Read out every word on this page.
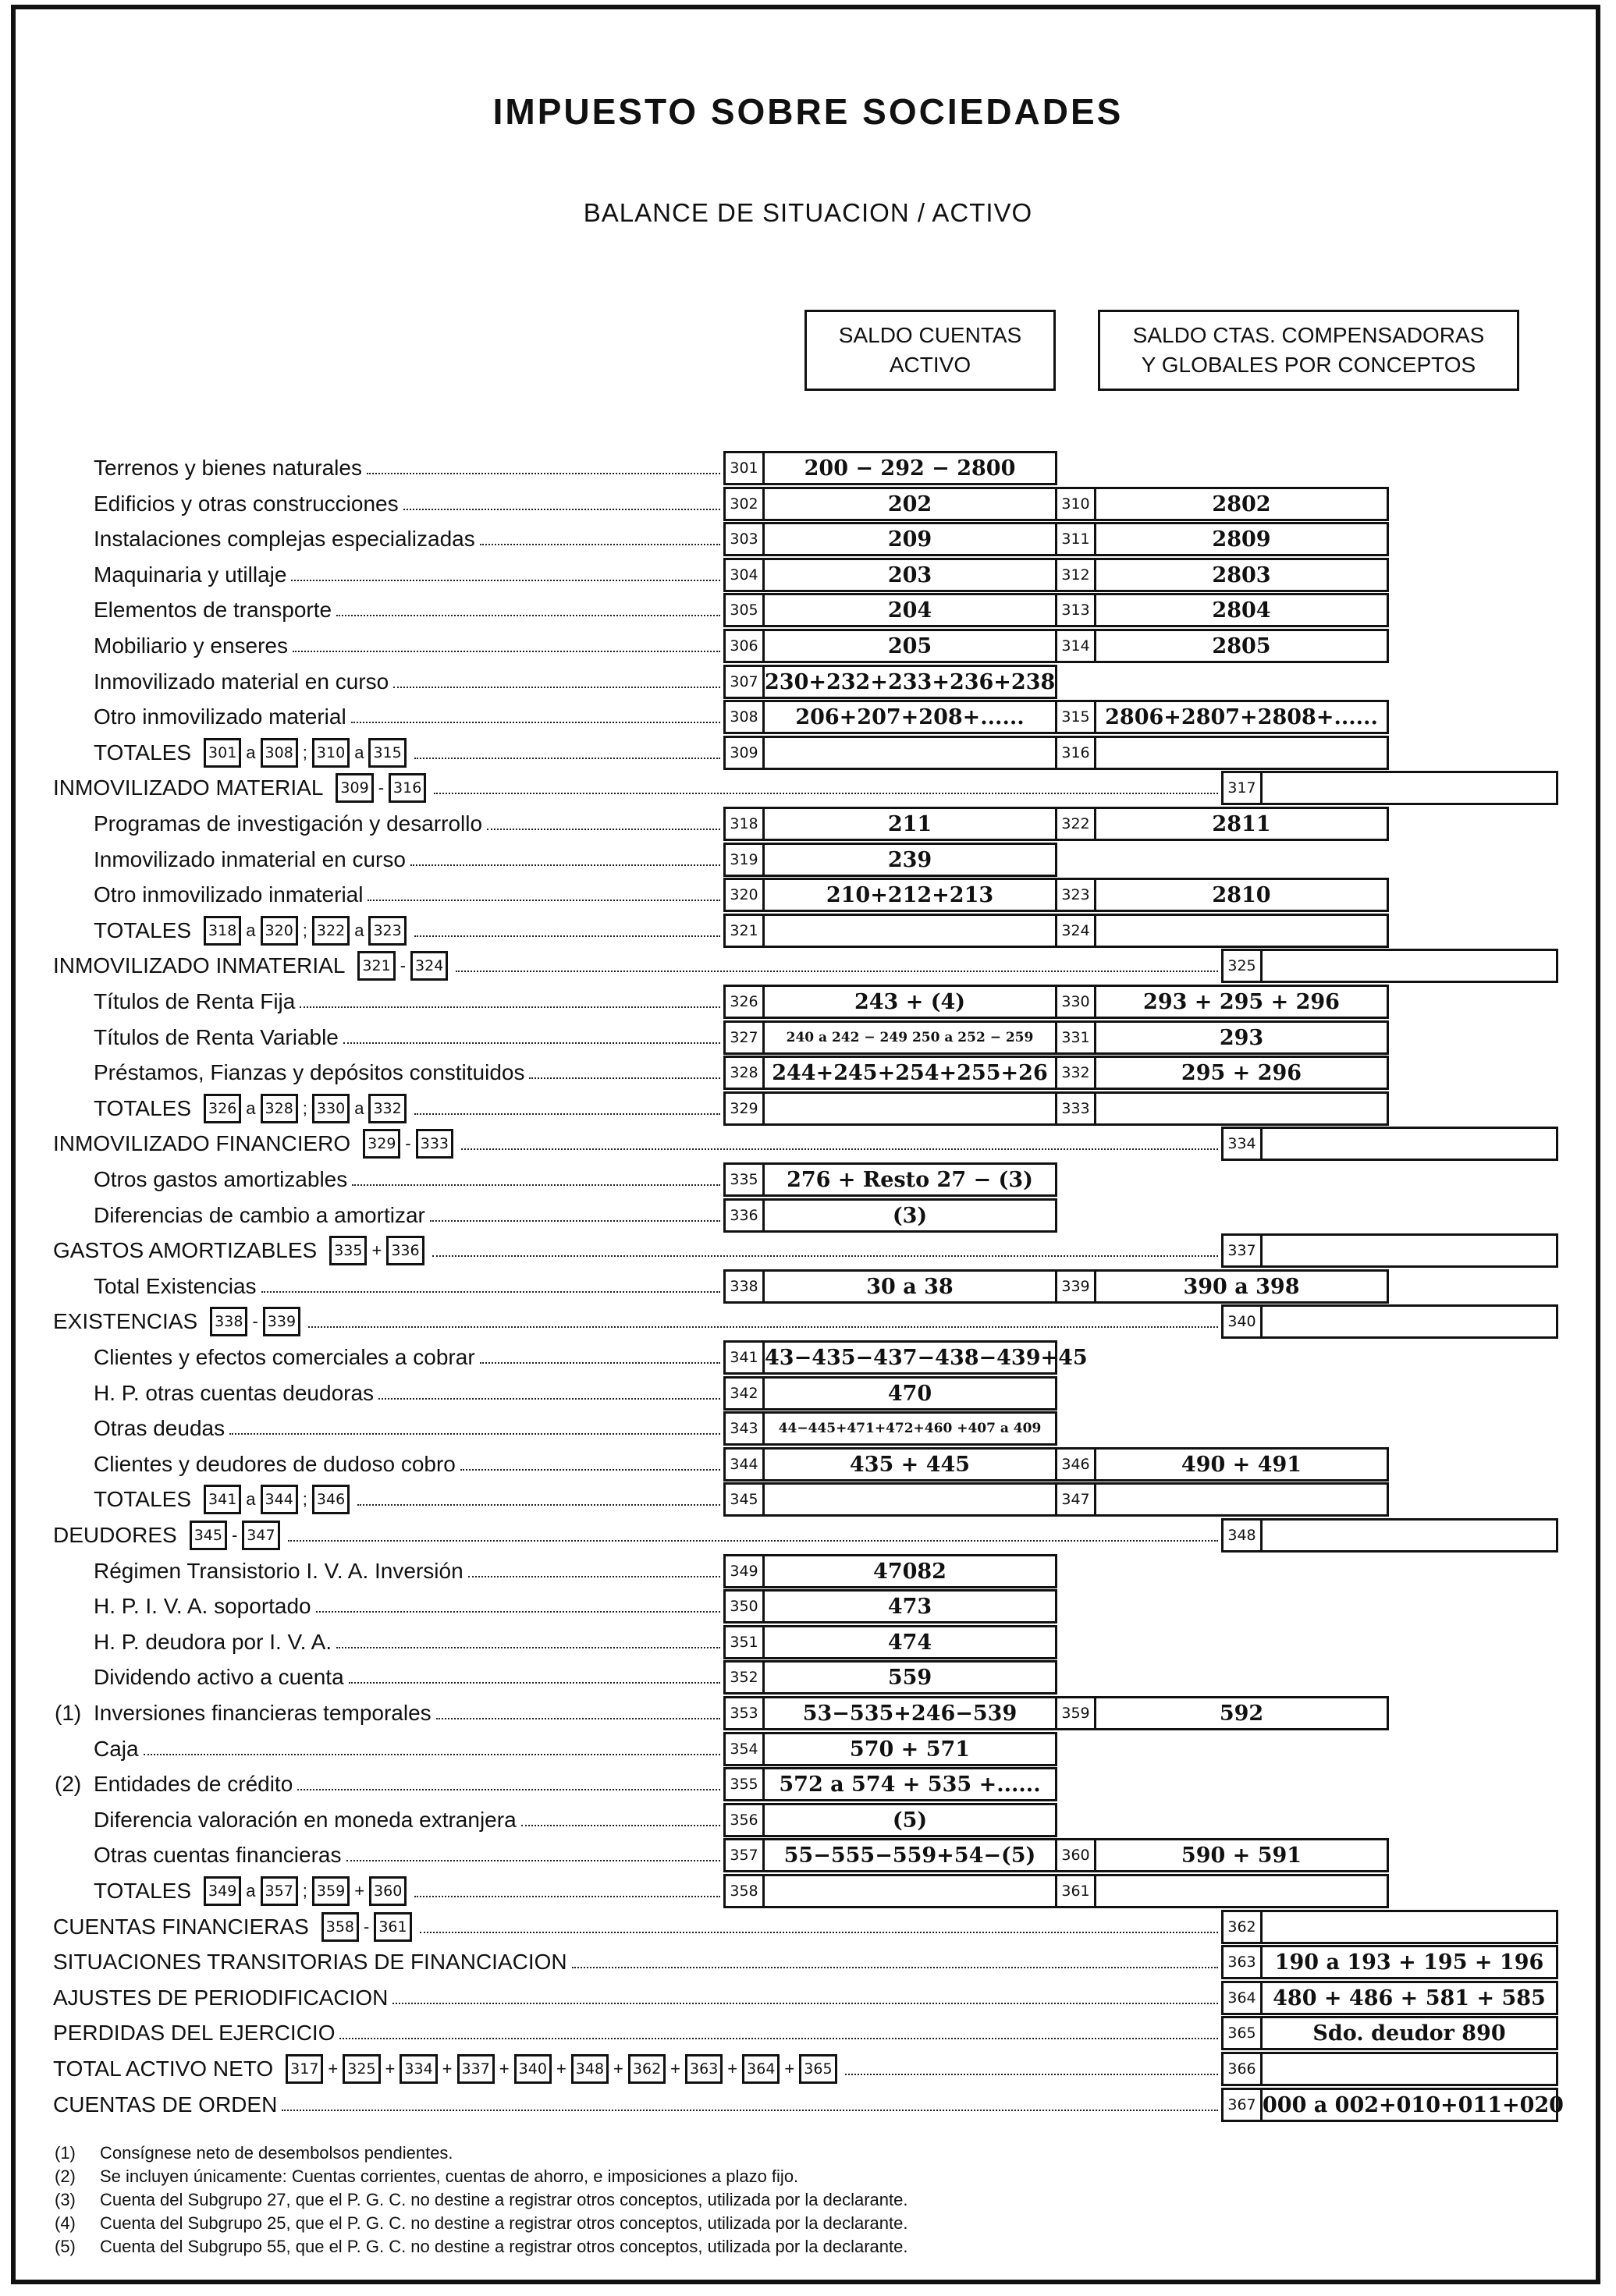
IMPUESTO SOBRE SOCIEDADES
BALANCE DE SITUACION / ACTIVO
SALDO CUENTAS
ACTIVO
SALDO CTAS. COMPENSADORAS
Y GLOBALES POR CONCEPTOS
Terrenos y bienes naturales	301	200 − 292 − 2800
Edificios y otras construcciones	302	202	310	2802
Instalaciones complejas especializadas	303	209	311	2809
Maquinaria y utillaje	304	203	312	2803
Elementos de transporte	305	204	313	2804
Mobiliario y enseres	306	205	314	2805
Inmovilizado material en curso	307 230+232+233+236+238
Otro inmovilizado material	308	206+207+208+......	315 2806+2807+2808+......
TOTALES	301 a 308 ; 310 a 315	309	316
INMOVILIZADO MATERIAL	309 - 316	317
Programas de investigación y desarrollo	318	211	322	2811
Inmovilizado inmaterial en curso	319	239
Otro inmovilizado inmaterial	320	210+212+213	323	2810
TOTALES	318 a 320 ; 322 a 323	321	324
INMOVILIZADO INMATERIAL	321 - 324	325
Títulos de Renta Fija	326	243 + (4)	330	293 + 295 + 296
Títulos de Renta Variable	327	240 a 242 − 249 250 a 252 − 259	331	293
Préstamos, Fianzas y depósitos constituidos	328 244+245+254+255+26 332	295 + 296
TOTALES	326 a 328 ; 330 a 332	329	333
INMOVILIZADO FINANCIERO	329 - 333	334
Otros gastos amortizables	335	276 + Resto 27 − (3)
Diferencias de cambio a amortizar	336	(3)
GASTOS AMORTIZABLES	335 + 336	337
Total Existencias	338	30 a 38	339	390 a 398
EXISTENCIAS	338 - 339	340
Clientes y efectos comerciales a cobrar	341 43−435−437−438−439+45
H. P. otras cuentas deudoras	342	470
Otras deudas	343	44−445+471+472+460 +407 a 409
Clientes y deudores de dudoso cobro	344	435 + 445	346	490 + 491
TOTALES	341 a 344 ; 346	345	347
DEUDORES	345 - 347	348
Régimen Transistorio I. V. A. Inversión	349	47082
H. P. I. V. A. soportado	350	473
H. P. deudora por I. V. A.	351	474
Dividendo activo a cuenta	352	559
(1) Inversiones financieras temporales	353	53−535+246−539	359	592
Caja	354	570 + 571
(2) Entidades de crédito	355 572 a 574 + 535 +......
Diferencia valoración en moneda extranjera	356	(5)
Otras cuentas financieras	357	55−555−559+54−(5)	360	590 + 591
TOTALES	349 a 357 ; 359 + 360	358	361
CUENTAS FINANCIERAS	358 - 361	362
SITUACIONES TRANSITORIAS DE FINANCIACION	363 190 a 193 + 195 + 196
AJUSTES DE PERIODIFICACION	364 480 + 486 + 581 + 585
PERDIDAS DEL EJERCICIO	365	Sdo. deudor 890
TOTAL ACTIVO NETO	317 + 325 + 334 + 337 + 340 + 348 + 362 + 363 + 364 + 365	366
CUENTAS DE ORDEN	367 000 a 002+010+011+020
(1)	Consígnese neto de desembolsos pendientes.
(2)	Se incluyen únicamente: Cuentas corrientes, cuentas de ahorro, e imposiciones a plazo fijo.
(3)	Cuenta del Subgrupo 27, que el P. G. C. no destine a registrar otros conceptos, utilizada por la declarante.
(4)	Cuenta del Subgrupo 25, que el P. G. C. no destine a registrar otros conceptos, utilizada por la declarante.
(5)	Cuenta del Subgrupo 55, que el P. G. C. no destine a registrar otros conceptos, utilizada por la declarante.
